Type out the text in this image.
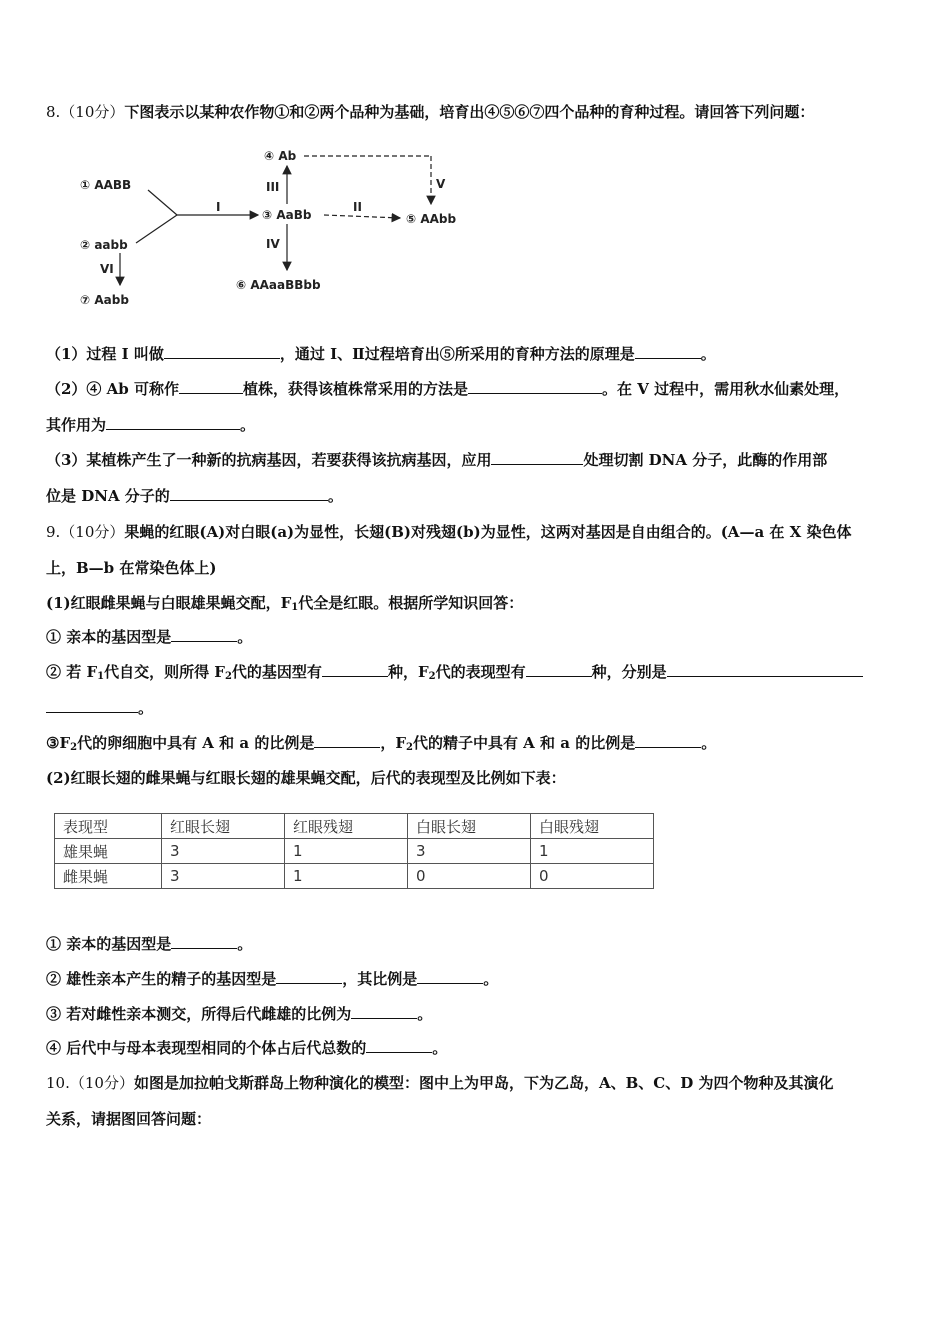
8.（10分）下图表示以某种农作物①和②两个品种为基础，培育出④⑤⑥⑦四个品种的育种过程。请回答下列问题：
① AABB
② aabb
③ AaBb
④ Ab
⑤ AAbb
⑥ AAaaBBbb
⑦ Aabb
I	II
III	V
IV
VI
（1）过程 I 叫做	，通过 I、Ⅱ过程培育出⑤所采用的育种方法的原理是	。
（2）④ Ab 可称作	植株，获得该植株常采用的方法是	。在 V 过程中，需用秋水仙素处理，
其作用为	。
（3）某植株产生了一种新的抗病基因，若要获得该抗病基因，应用	处理切割 DNA 分子，此酶的作用部
位是 DNA 分子的	。
9.（10分）果蝇的红眼(A)对白眼(a)为显性，长翅(B)对残翅(b)为显性，这两对基因是自由组合的。(A—a 在 X 染色体
上，B—b 在常染色体上)
(1)红眼雌果蝇与白眼雄果蝇交配，$F_1$代全是红眼。根据所学知识回答：
① 亲本的基因型是	。
② 若 $F_1$代自交，则所得 $F_2$代的基因型有	种，$F_2$代的表现型有	种，分别是
。
$③F_2$代的卵细胞中具有 A 和 a 的比例是	，$F_2$代的精子中具有 A 和 a 的比例是	。
(2)红眼长翅的雌果蝇与红眼长翅的雄果蝇交配，后代的表现型及比例如下表：
表现型	红眼长翅	红眼残翅	白眼长翅	白眼残翅
雄果蝇	3	1	3	1
雌果蝇	3	1	0	0
① 亲本的基因型是	。
② 雄性亲本产生的精子的基因型是	，其比例是	。
③ 若对雌性亲本测交，所得后代雌雄的比例为	。
④ 后代中与母本表现型相同的个体占后代总数的	。
10.（10分）如图是加拉帕戈斯群岛上物种演化的模型：图中上为甲岛，下为乙岛，A、B、C、D 为四个物种及其演化
关系，请据图回答问题：
